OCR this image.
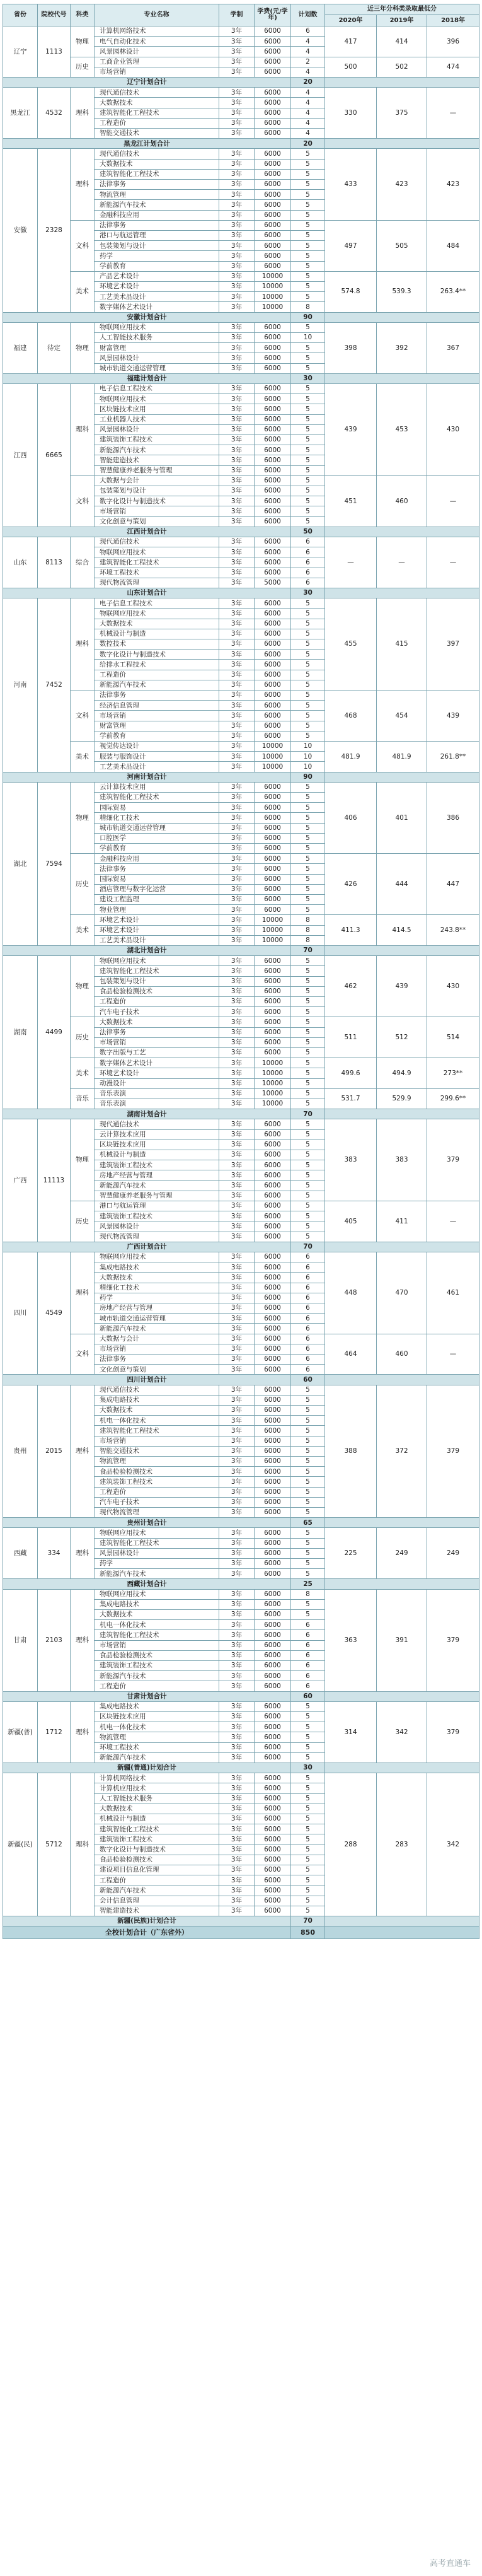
省份	院校代号	科类	专业名称	学制	学费(元/学年)	计划数
近三年分科类录取最低分
2020年	2019年	2018年
辽宁	1113
物理	417	414	396
计算机网络技术	3年	6000	6
电气自动化技术	3年	6000	4
风景园林设计	3年	6000	4
历史	500	502	474
工商企业管理	3年	6000	2
市场营销	3年	6000	4
辽宁计划合计	20
黑龙江	4532	理科	330	375	—
现代通信技术	3年	6000	4
大数据技术	3年	6000	4
建筑智能化工程技术	3年	6000	4
工程造价	3年	6000	4
智能交通技术	3年	6000	4
黑龙江计划合计	20
安徽	2328
理科	433	423	423
现代通信技术	3年	6000	5
大数据技术	3年	6000	5
建筑智能化工程技术	3年	6000	5
法律事务	3年	6000	5
物流管理	3年	6000	5
新能源汽车技术	3年	6000	5
金融科技应用	3年	6000	5
文科	497	505	484
法律事务	3年	6000	5
港口与航运管理	3年	6000	5
包装策划与设计	3年	6000	5
药学	3年	6000	5
学前教育	3年	6000	5
美术	574.8	539.3	263.4**
产品艺术设计	3年	10000	5
环境艺术设计	3年	10000	5
工艺美术品设计	3年	10000	5
数字媒体艺术设计	3年	10000	8
安徽计划合计	90
福建	待定	物理	398	392	367
物联网应用技术	3年	6000	5
人工智能技术服务	3年	6000	10
财富管理	3年	6000	5
风景园林设计	3年	6000	5
城市轨道交通运营管理	3年	6000	5
福建计划合计	30
江西	6665
理科	439	453	430
电子信息工程技术	3年	6000	5
物联网应用技术	3年	6000	5
区块链技术应用	3年	6000	5
工业机器人技术	3年	6000	5
风景园林设计	3年	6000	5
建筑装饰工程技术	3年	6000	5
新能源汽车技术	3年	6000	5
智能建造技术	3年	6000	5
智慧健康养老服务与管理	3年	6000	5
文科	451	460	—
大数据与会计	3年	6000	5
包装策划与设计	3年	6000	5
数字化设计与制造技术	3年	6000	5
市场营销	3年	6000	5
文化创意与策划	3年	6000	5
江西计划合计	50
山东	8113	综合	—	—	—
现代通信技术	3年	6000	6
物联网应用技术	3年	6000	6
建筑智能化工程技术	3年	6000	6
环境工程技术	3年	6000	6
现代物流管理	3年	5000	6
山东计划合计	30
河南	7452
理科	455	415	397
电子信息工程技术	3年	6000	5
物联网应用技术	3年	6000	5
大数据技术	3年	6000	5
机械设计与制造	3年	6000	5
数控技术	3年	6000	5
数字化设计与制造技术	3年	6000	5
给排水工程技术	3年	6000	5
工程造价	3年	6000	5
新能源汽车技术	3年	6000	5
文科	468	454	439
法律事务	3年	6000	5
经济信息管理	3年	6000	5
市场营销	3年	6000	5
财富管理	3年	6000	5
学前教育	3年	6000	5
美术	481.9	481.9	261.8**
视觉传达设计	3年	10000	10
服装与服饰设计	3年	10000	10
工艺美术品设计	3年	10000	10
河南计划合计	90
湖北	7594
物理	406	401	386
云计算技术应用	3年	6000	5
建筑智能化工程技术	3年	6000	5
国际贸易	3年	6000	5
精细化工技术	3年	6000	5
城市轨道交通运营管理	3年	6000	5
口腔医学	3年	6000	5
学前教育	3年	6000	5
历史	426	444	447
金融科技应用	3年	6000	5
法律事务	3年	6000	5
国际贸易	3年	6000	5
酒店管理与数字化运营	3年	6000	5
建设工程监理	3年	6000	5
物业管理	3年	6000	5
美术	411.3	414.5	243.8**
环境艺术设计	3年	10000	8
环境艺术设计	3年	10000	8
工艺美术品设计	3年	10000	8
湖北计划合计	70
湖南	4499
物理	462	439	430
物联网应用技术	3年	6000	5
建筑智能化工程技术	3年	6000	5
包装策划与设计	3年	6000	5
食品检验检测技术	3年	6000	5
工程造价	3年	6000	5
汽车电子技术	3年	6000	5
历史	511	512	514
大数据技术	3年	6000	5
法律事务	3年	6000	5
市场营销	3年	6000	5
数字出版与工艺	3年	6000	5
美术	499.6	494.9	273**
数字媒体艺术设计	3年	10000	5
环境艺术设计	3年	10000	5
动漫设计	3年	10000	5
音乐	531.7	529.9	299.6**
音乐表演	3年	10000	5
音乐表演	3年	10000	5
湖南计划合计	70
广西	11113
物理	383	383	379
现代通信技术	3年	6000	5
云计算技术应用	3年	6000	5
区块链技术应用	3年	6000	5
机械设计与制造	3年	6000	5
建筑装饰工程技术	3年	6000	5
房地产经营与管理	3年	6000	5
新能源汽车技术	3年	6000	5
智慧健康养老服务与管理	3年	6000	5
历史	405	411	—
港口与航运管理	3年	6000	5
建筑装饰工程技术	3年	6000	5
风景园林设计	3年	6000	5
现代物流管理	3年	6000	5
广西计划合计	70
四川	4549
理科	448	470	461
物联网应用技术	3年	6000	6
集成电路技术	3年	6000	6
大数据技术	3年	6000	6
精细化工技术	3年	6000	6
药学	3年	6000	6
房地产经营与管理	3年	6000	6
城市轨道交通运营管理	3年	6000	6
新能源汽车技术	3年	6000	6
文科	464	460	—
大数据与会计	3年	6000	6
市场营销	3年	6000	6
法律事务	3年	6000	6
文化创意与策划	3年	6000	6
四川计划合计	60
贵州	2015	理科	388	372	379
现代通信技术	3年	6000	5
集成电路技术	3年	6000	5
大数据技术	3年	6000	5
机电一体化技术	3年	6000	5
建筑智能化工程技术	3年	6000	5
市场营销	3年	6000	5
智能交通技术	3年	6000	5
物流管理	3年	6000	5
食品检验检测技术	3年	6000	5
建筑装饰工程技术	3年	6000	5
工程造价	3年	6000	5
汽车电子技术	3年	6000	5
现代物流管理	3年	6000	5
贵州计划合计	65
西藏	334	理科	225	249	249
物联网应用技术	3年	6000	5
建筑智能化工程技术	3年	6000	5
风景园林设计	3年	6000	5
药学	3年	6000	5
新能源汽车技术	3年	6000	5
西藏计划合计	25
甘肃	2103	理科	363	391	379
物联网应用技术	3年	6000	8
集成电路技术	3年	6000	5
大数据技术	3年	6000	5
机电一体化技术	3年	6000	6
建筑智能化工程技术	3年	6000	6
市场营销	3年	6000	6
食品检验检测技术	3年	6000	6
建筑装饰工程技术	3年	6000	6
新能源汽车技术	3年	6000	6
工程造价	3年	6000	6
甘肃计划合计	60
新疆(普)	1712	理科	314	342	379
集成电路技术	3年	6000	5
区块链技术应用	3年	6000	5
机电一体化技术	3年	6000	5
物流管理	3年	6000	5
环境工程技术	3年	6000	5
新能源汽车技术	3年	6000	5
新疆(普通)计划合计	30
新疆(民)	5712	理科	288	283	342
计算机网络技术	3年	6000	5
计算机应用技术	3年	6000	5
人工智能技术服务	3年	6000	5
大数据技术	3年	6000	5
机械设计与制造	3年	6000	5
建筑智能化工程技术	3年	6000	5
建筑装饰工程技术	3年	6000	5
数字化设计与制造技术	3年	6000	5
食品检验检测技术	3年	6000	5
建设项目信息化管理	3年	6000	5
工程造价	3年	6000	5
新能源汽车技术	3年	6000	5
会计信息管理	3年	6000	5
智能建造技术	3年	6000	5
新疆(民族)计划合计	70
全校计划合计（广东省外）	850
高考直通车
